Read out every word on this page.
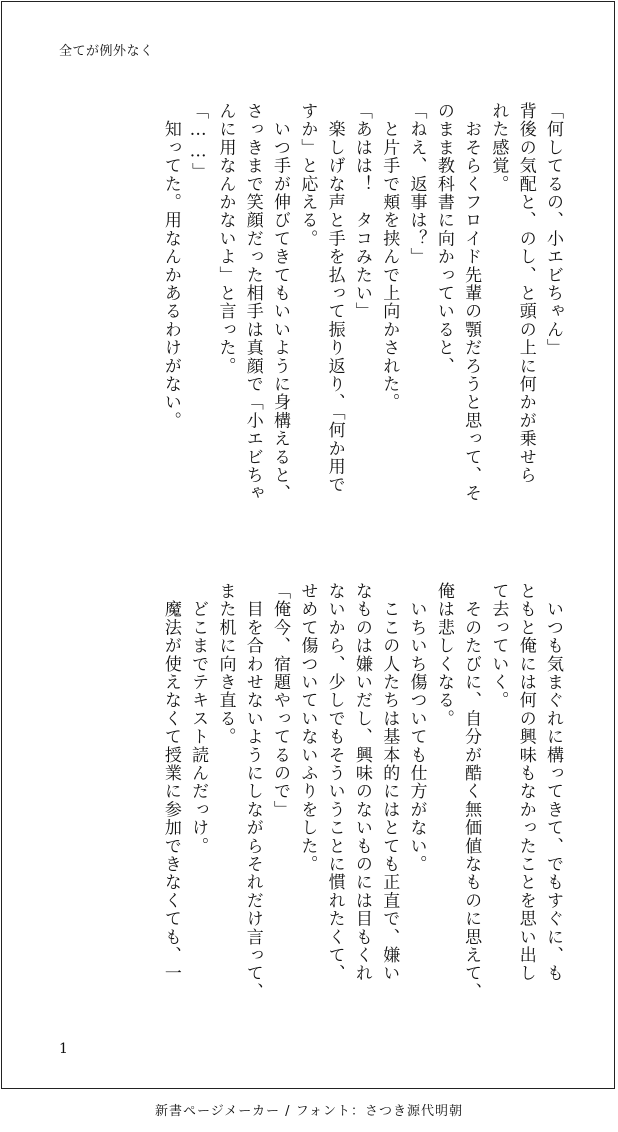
全てが例外なく
「何してるの、小エビちゃん」
背後の気配と、のし、と頭の上に何かが乗せら
れた感覚。
　おそらくフロイド先輩の顎だろうと思って、そ
のまま教科書に向かっていると、
「ねえ、返事は？」
　と片手で頬を挟んで上向かされた。
「あはは！　タコみたい」
　楽しげな声と手を払って振り返り、「何か用で
すか」と応える。
　いつ手が伸びてきてもいいように身構えると、
さっきまで笑顔だった相手は真顔で「小エビちゃ
んに用なんかないよ」と言った。
「……」
　知ってた。用なんかあるわけがない。
　いつも気まぐれに構ってきて、でもすぐに、も
ともと俺には何の興味もなかったことを思い出し
て去っていく。
　そのたびに、自分が酷く無価値なものに思えて、
俺は悲しくなる。
　いちいち傷ついても仕方がない。
　ここの人たちは基本的にはとても正直で、嫌い
なものは嫌いだし、興味のないものには目もくれ
ないから、少しでもそういうことに慣れたくて、
せめて傷ついていないふりをした。
「俺今、宿題やってるので」
　目を合わせないようにしながらそれだけ言って、
また机に向き直る。
　どこまでテキスト読んだっけ。
　魔法が使えなくて授業に参加できなくても、一
1
新書ページメーカー / フォント：さつき源代明朝
